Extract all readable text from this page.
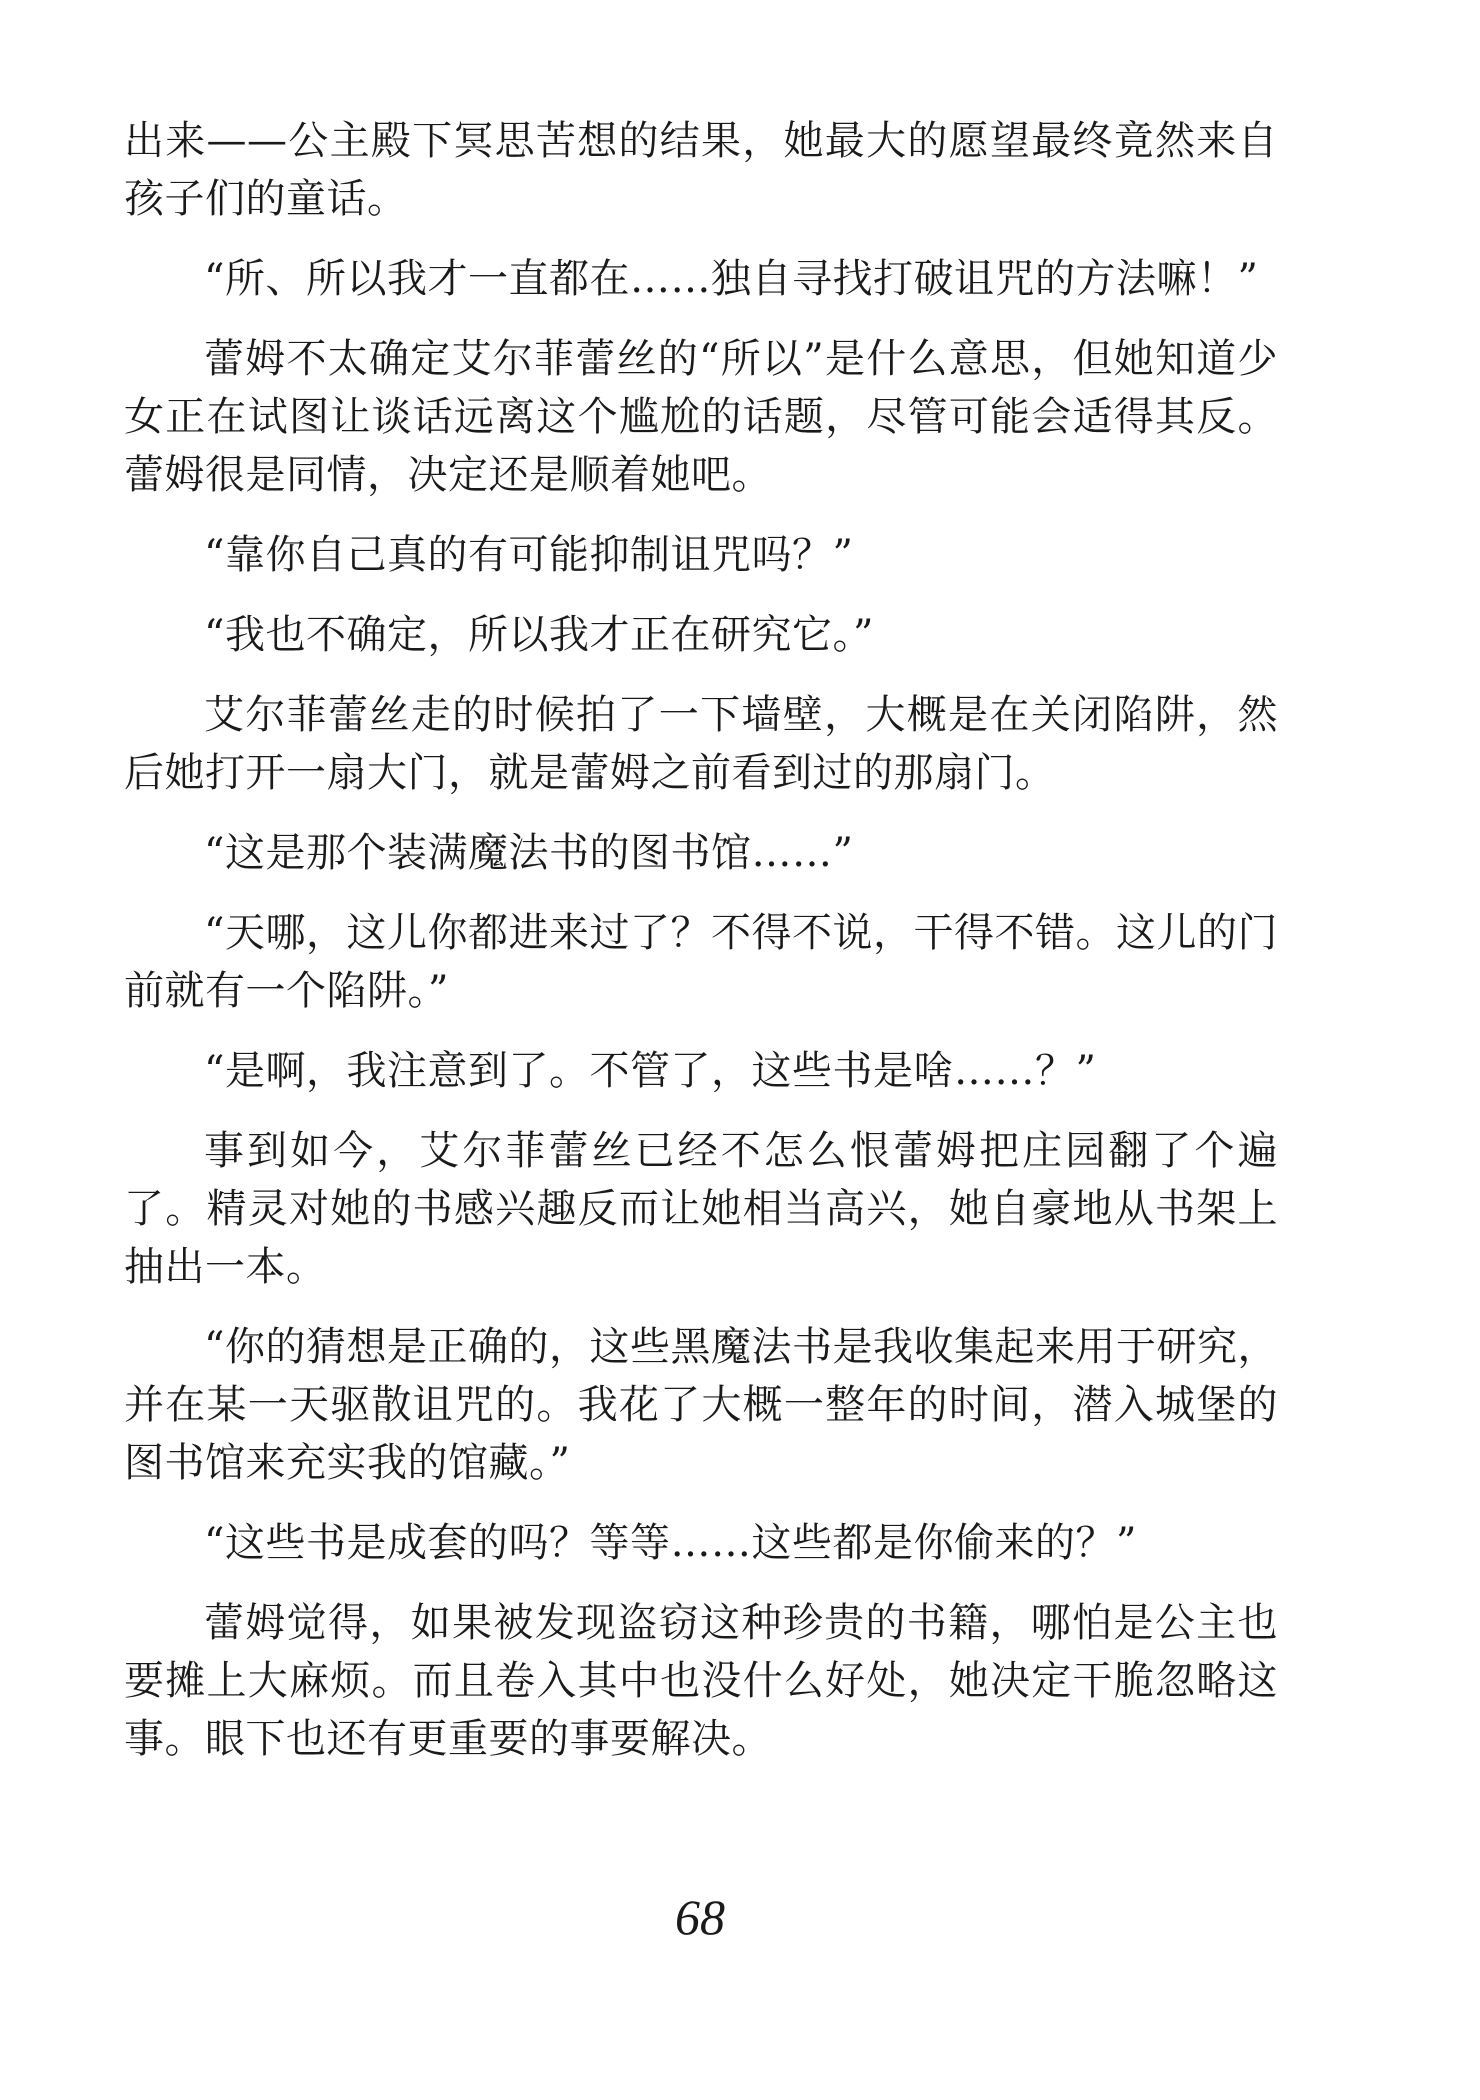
出来——公主殿下冥思苦想的结果，她最大的愿望最终竟然来自孩子们的童话。

“所、所以我才一直都在……独自寻找打破诅咒的方法嘛！”

蕾姆不太确定艾尔菲蕾丝的“所以”是什么意思，但她知道少女正在试图让谈话远离这个尴尬的话题，尽管可能会适得其反。蕾姆很是同情，决定还是顺着她吧。

“靠你自己真的有可能抑制诅咒吗？”

“我也不确定，所以我才正在研究它。”

艾尔菲蕾丝走的时候拍了一下墙壁，大概是在关闭陷阱，然后她打开一扇大门，就是蕾姆之前看到过的那扇门。

“这是那个装满魔法书的图书馆……”

“天哪，这儿你都进来过了？不得不说，干得不错。这儿的门前就有一个陷阱。”

“是啊，我注意到了。不管了，这些书是啥……？”

事到如今，艾尔菲蕾丝已经不怎么恨蕾姆把庄园翻了个遍了。精灵对她的书感兴趣反而让她相当高兴，她自豪地从书架上抽出一本。

“你的猜想是正确的，这些黑魔法书是我收集起来用于研究，并在某一天驱散诅咒的。我花了大概一整年的时间，潜入城堡的图书馆来充实我的馆藏。”

“这些书是成套的吗？等等……这些都是你偷来的？”

蕾姆觉得，如果被发现盗窃这种珍贵的书籍，哪怕是公主也要摊上大麻烦。而且卷入其中也没什么好处，她决定干脆忽略这事。眼下也还有更重要的事要解决。

68
